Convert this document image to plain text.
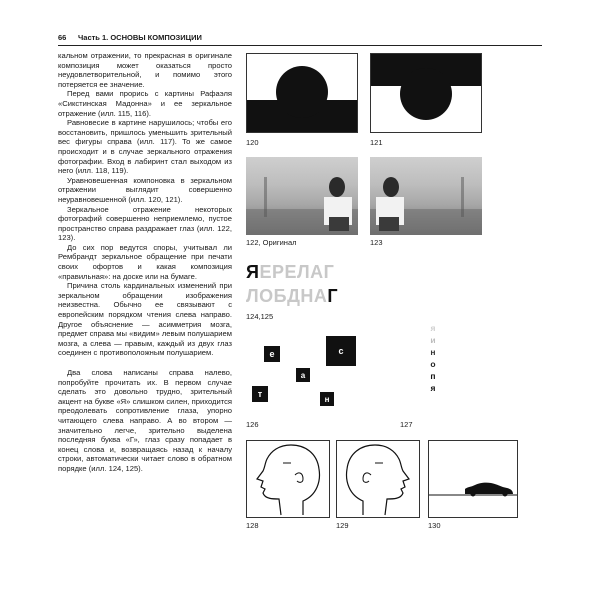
66 Часть 1. ОСНОВЫ КОМПОЗИЦИИ

кальном отражении, то прекрасная в оригинале композиция может оказаться просто неудовлетворительной, и помимо этого потеряется ее значение.

Перед вами прорись с картины Рафаэля «Сикстинская Мадонна» и ее зеркальное отражение (илл. 115, 116).

Равновесие в картине нарушилось; чтобы его восстановить, пришлось уменьшить зрительный вес фигуры справа (илл. 117). То же самое происходит и в случае зеркального отражения фотографии. Вход в лабиринт стал выходом из него (илл. 118, 119).

Уравновешенная компоновка в зеркальном отражении выглядит совершенно неуравновешенной (илл. 120, 121).

Зеркальное отражение некоторых фотографий совершенно неприемлемо, пустое пространство справа раздражает глаз (илл. 122, 123).

До сих пор ведутся споры, учитывал ли Рембрандт зеркальное обращение при печати своих офортов и какая композиция «правильная»: на доске или на бумаге.

Причина столь кардинальных изменений при зеркальном обращении изображения неизвестна. Обычно ее связывают с европейским порядком чтения слева направо. Другое объяснение — асимметрия мозга, предмет справа мы «видим» левым полушарием мозга, а слева — правым, каждый из двух глаз соединен с противоположным полушарием.

Два слова написаны справа налево, попробуйте прочитать их. В первом случае сделать это довольно трудно, зрительный акцент на букве «Я» слишком силен, приходится преодолевать сопротивление глаза, упорно читающего слева направо. А во втором — значительно легче, зрительно выделена последняя буква «Г», глаз сразу попадает в конец слова и, возвращаясь назад к началу строки, автоматически читает слово в обратном порядке (илл. 124, 125).

120	121
122, Оригинал	123
ЯЕРЕЛАГ
ЛОБДНАГ
124,125
е	с
а
т	н
126
я
и
н
о
п
я
127
128	129	130
